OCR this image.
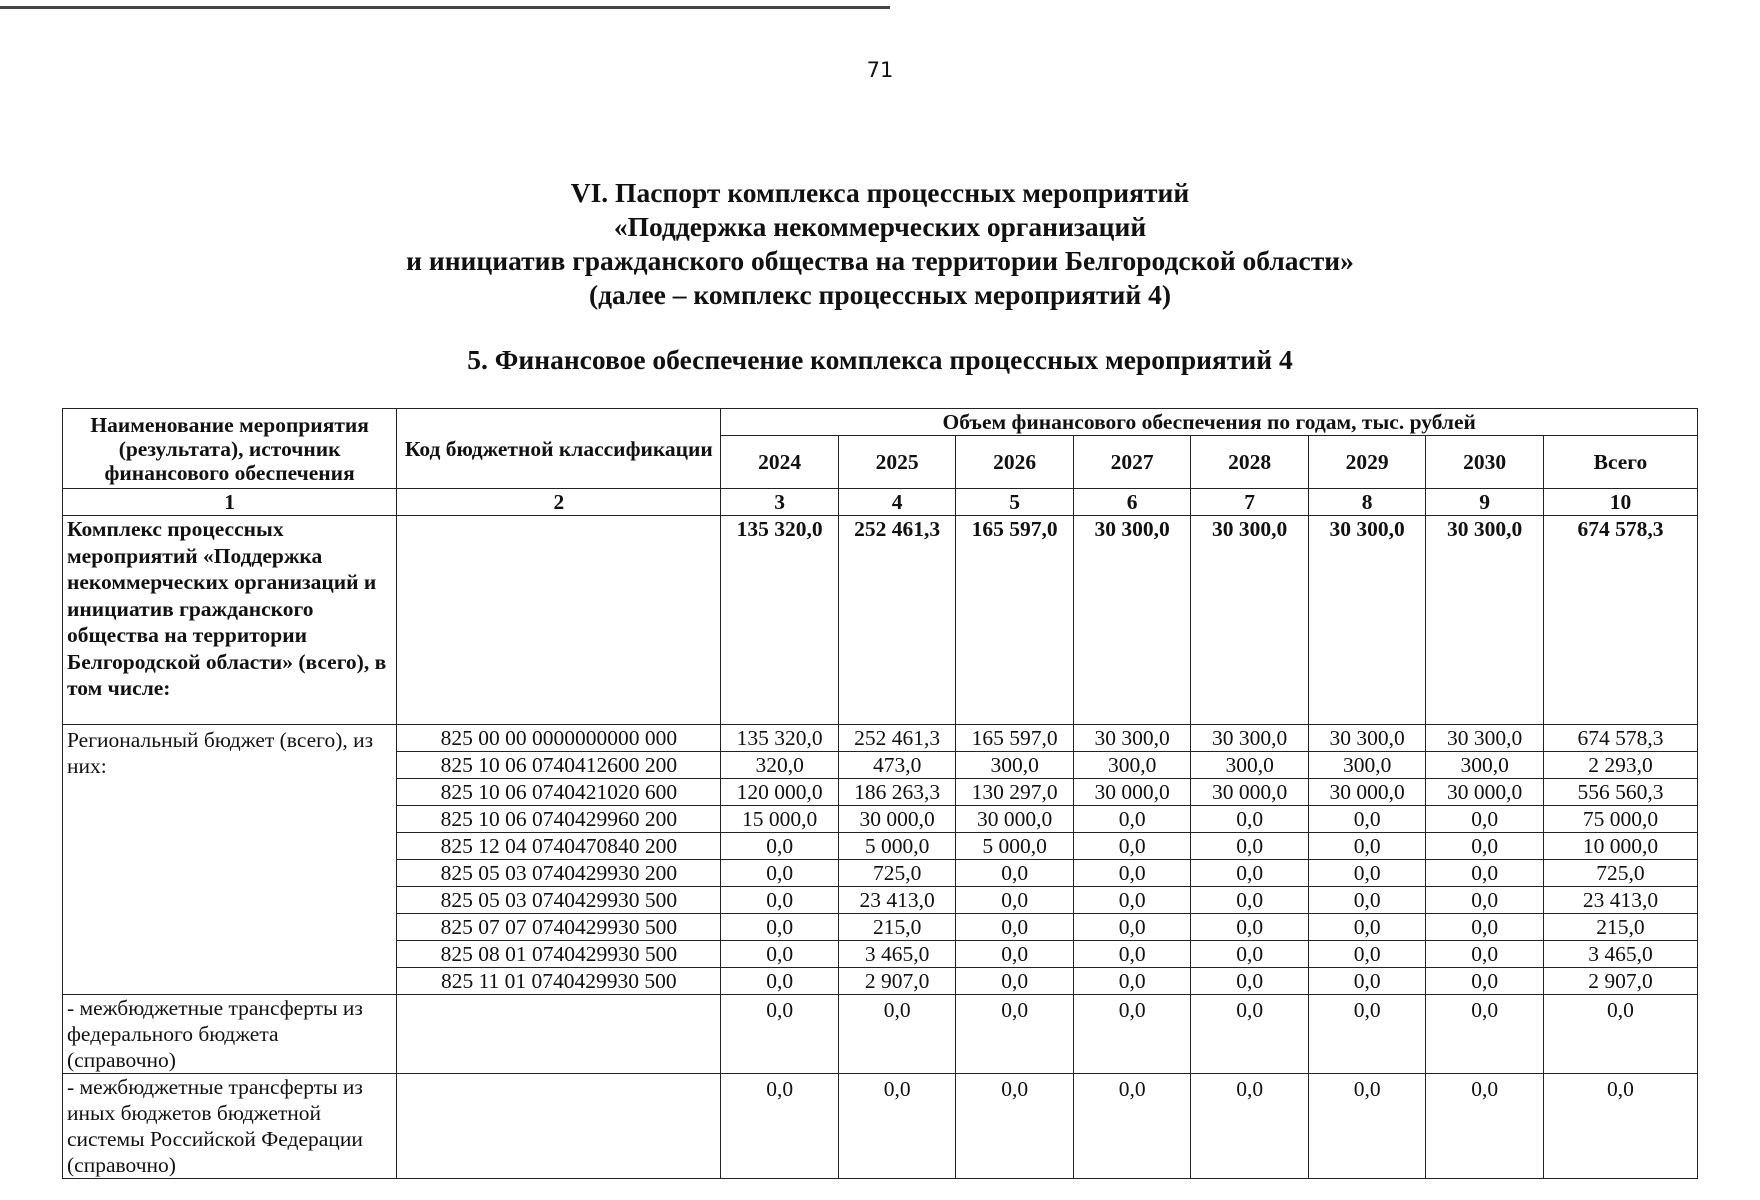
71
VI. Паспорт комплекса процессных мероприятий
«Поддержка некоммерческих организаций
и инициатив гражданского общества на территории Белгородской области»
(далее – комплекс процессных мероприятий 4)
5. Финансовое обеспечение комплекса процессных мероприятий 4
Наименование мероприятия (результата), источник финансового обеспечения	Код бюджетной классификации	Объем финансового обеспечения по годам, тыс. рублей							
		2024	2025	2026	2027	2028	2029	2030	Всего
1	2	3	4	5	6	7	8	9	10
Комплекс процессных мероприятий «Поддержка некоммерческих организаций и инициатив гражданского общества на территории Белгородской области» (всего), в том числе:		135 320,0	252 461,3	165 597,0	30 300,0	30 300,0	30 300,0	30 300,0	674 578,3
Региональный бюджет (всего), из них:	825 00 00 0000000000 000	135 320,0	252 461,3	165 597,0	30 300,0	30 300,0	30 300,0	30 300,0	674 578,3
	825 10 06 0740412600 200	320,0	473,0	300,0	300,0	300,0	300,0	300,0	2 293,0
	825 10 06 0740421020 600	120 000,0	186 263,3	130 297,0	30 000,0	30 000,0	30 000,0	30 000,0	556 560,3
	825 10 06 0740429960 200	15 000,0	30 000,0	30 000,0	0,0	0,0	0,0	0,0	75 000,0
	825 12 04 0740470840 200	0,0	5 000,0	5 000,0	0,0	0,0	0,0	0,0	10 000,0
	825 05 03 0740429930 200	0,0	725,0	0,0	0,0	0,0	0,0	0,0	725,0
	825 05 03 0740429930 500	0,0	23 413,0	0,0	0,0	0,0	0,0	0,0	23 413,0
	825 07 07 0740429930 500	0,0	215,0	0,0	0,0	0,0	0,0	0,0	215,0
	825 08 01 0740429930 500	0,0	3 465,0	0,0	0,0	0,0	0,0	0,0	3 465,0
	825 11 01 0740429930 500	0,0	2 907,0	0,0	0,0	0,0	0,0	0,0	2 907,0
- межбюджетные трансферты из федерального бюджета (справочно)		0,0	0,0	0,0	0,0	0,0	0,0	0,0	0,0
- межбюджетные трансферты из иных бюджетов бюджетной системы Российской Федерации (справочно)		0,0	0,0	0,0	0,0	0,0	0,0	0,0	0,0
